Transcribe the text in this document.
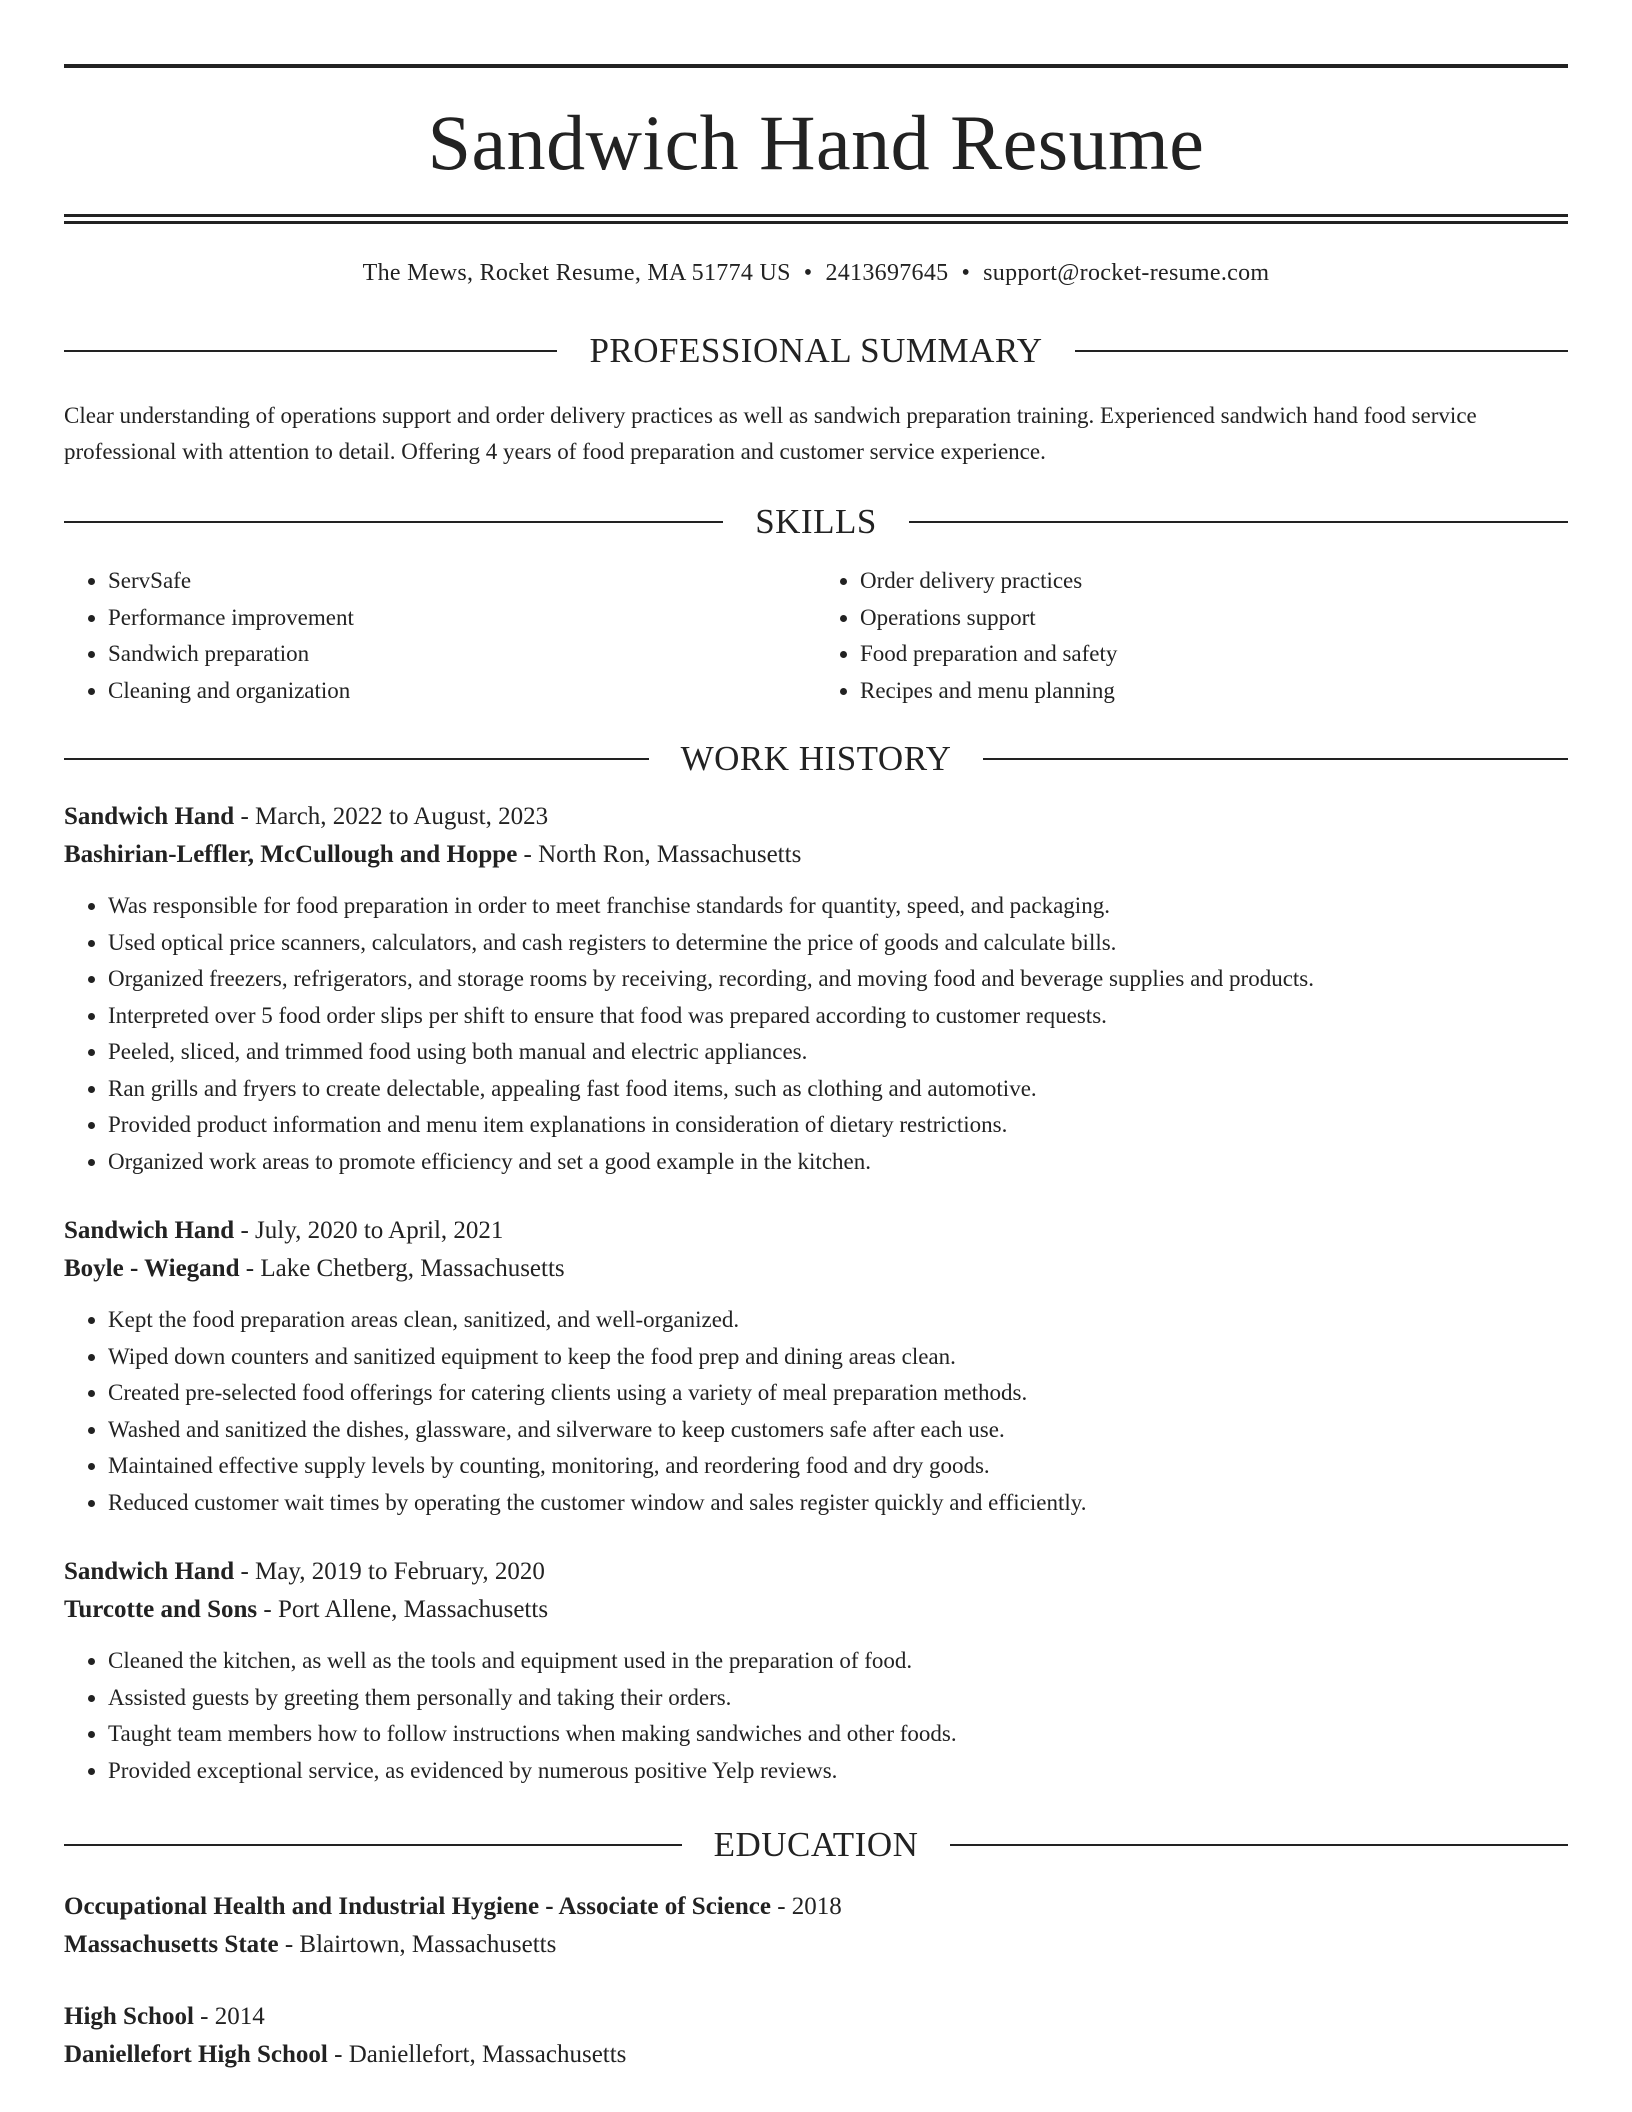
Sandwich Hand Resume
The Mews, Rocket Resume, MA 51774 US • 2413697645 • support@rocket-resume.com
PROFESSIONAL SUMMARY

Clear understanding of operations support and order delivery practices as well as sandwich preparation training. Experienced sandwich hand food service professional with attention to detail. Offering 4 years of food preparation and customer service experience.

SKILLS
• ServSafe
• Performance improvement
• Sandwich preparation
• Cleaning and organization
• Order delivery practices
• Operations support
• Food preparation and safety
• Recipes and menu planning
WORK HISTORY
Sandwich Hand - March, 2022 to August, 2023
Bashirian-Leffler, McCullough and Hoppe - North Ron, Massachusetts
• Was responsible for food preparation in order to meet franchise standards for quantity, speed, and packaging.
• Used optical price scanners, calculators, and cash registers to determine the price of goods and calculate bills.
• Organized freezers, refrigerators, and storage rooms by receiving, recording, and moving food and beverage supplies and products.
• Interpreted over 5 food order slips per shift to ensure that food was prepared according to customer requests.
• Peeled, sliced, and trimmed food using both manual and electric appliances.
• Ran grills and fryers to create delectable, appealing fast food items, such as clothing and automotive.
• Provided product information and menu item explanations in consideration of dietary restrictions.
• Organized work areas to promote efficiency and set a good example in the kitchen.
Sandwich Hand - July, 2020 to April, 2021
Boyle - Wiegand - Lake Chetberg, Massachusetts
• Kept the food preparation areas clean, sanitized, and well-organized.
• Wiped down counters and sanitized equipment to keep the food prep and dining areas clean.
• Created pre-selected food offerings for catering clients using a variety of meal preparation methods.
• Washed and sanitized the dishes, glassware, and silverware to keep customers safe after each use.
• Maintained effective supply levels by counting, monitoring, and reordering food and dry goods.
• Reduced customer wait times by operating the customer window and sales register quickly and efficiently.
Sandwich Hand - May, 2019 to February, 2020
Turcotte and Sons - Port Allene, Massachusetts
• Cleaned the kitchen, as well as the tools and equipment used in the preparation of food.
• Assisted guests by greeting them personally and taking their orders.
• Taught team members how to follow instructions when making sandwiches and other foods.
• Provided exceptional service, as evidenced by numerous positive Yelp reviews.
EDUCATION
Occupational Health and Industrial Hygiene - Associate of Science - 2018
Massachusetts State - Blairtown, Massachusetts
High School - 2014
Daniellefort High School - Daniellefort, Massachusetts
